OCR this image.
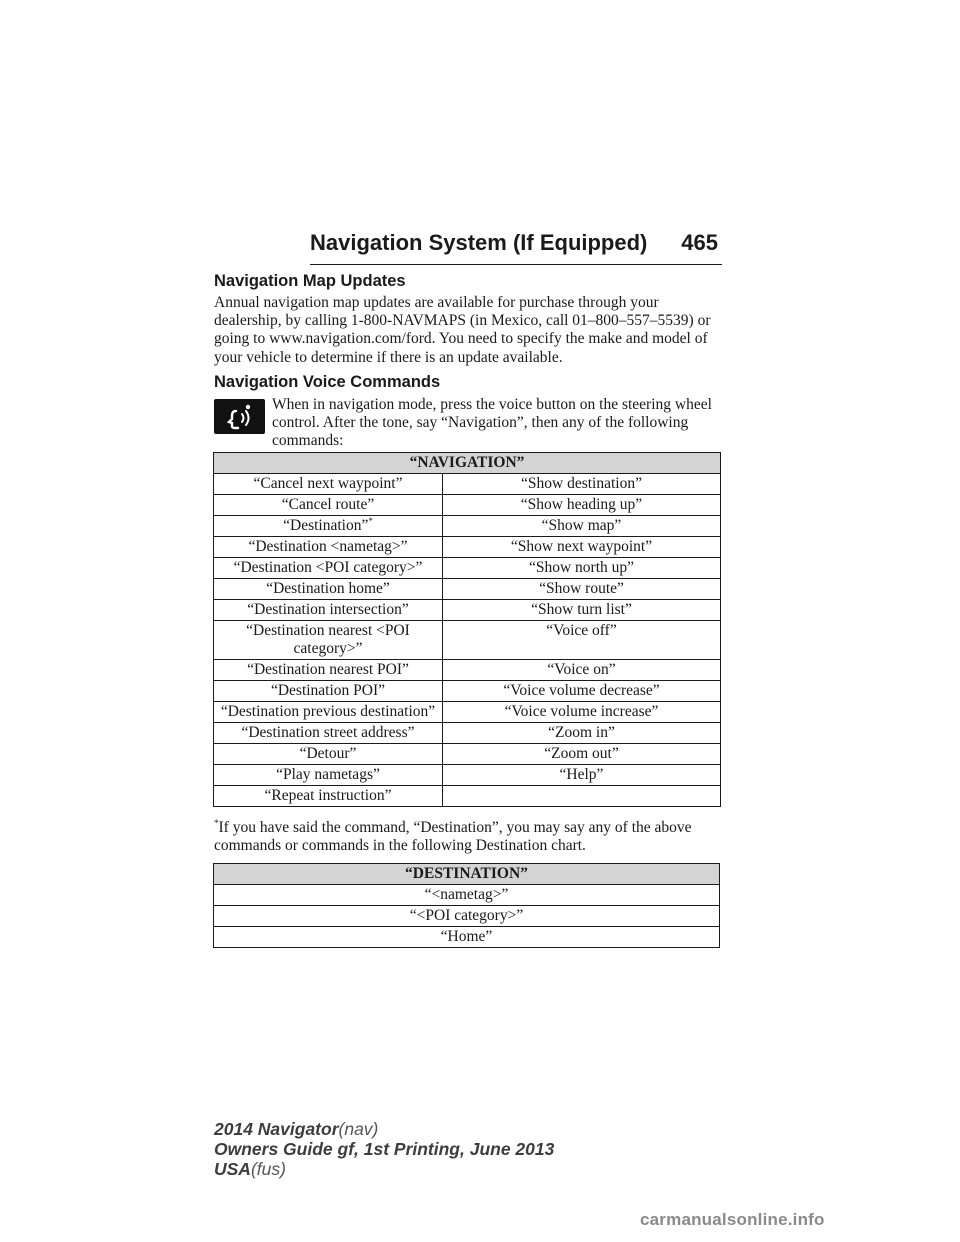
Navigation System (If Equipped) 465
Navigation Map Updates
Annual navigation map updates are available for purchase through your dealership, by calling 1-800-NAVMAPS (in Mexico, call 01–800–557–5539) or going to www.navigation.com/ford. You need to specify the make and model of your vehicle to determine if there is an update available.
Navigation Voice Commands
When in navigation mode, press the voice button on the steering wheel control. After the tone, say “Navigation”, then any of the following commands:
“NAVIGATION”	
“Cancel next waypoint”	“Show destination”
“Cancel route”	“Show heading up”
“Destination”*	“Show map”
“Destination <nametag>”	“Show next waypoint”
“Destination <POI category>”	“Show north up”
“Destination home”	“Show route”
“Destination intersection”	“Show turn list”
“Destination nearest <POI category>”	“Voice off”
“Destination nearest POI”	“Voice on”
“Destination POI”	“Voice volume decrease”
“Destination previous destination”	“Voice volume increase”
“Destination street address”	“Zoom in”
“Detour”	“Zoom out”
“Play nametags”	“Help”
“Repeat instruction”	
*If you have said the command, “Destination”, you may say any of the above commands or commands in the following Destination chart.
“DESTINATION”
“<nametag>”
“<POI category>”
“Home”
2014 Navigator(nav)
Owners Guide gf, 1st Printing, June 2013
USA(fus)
carmanualsonline.info
